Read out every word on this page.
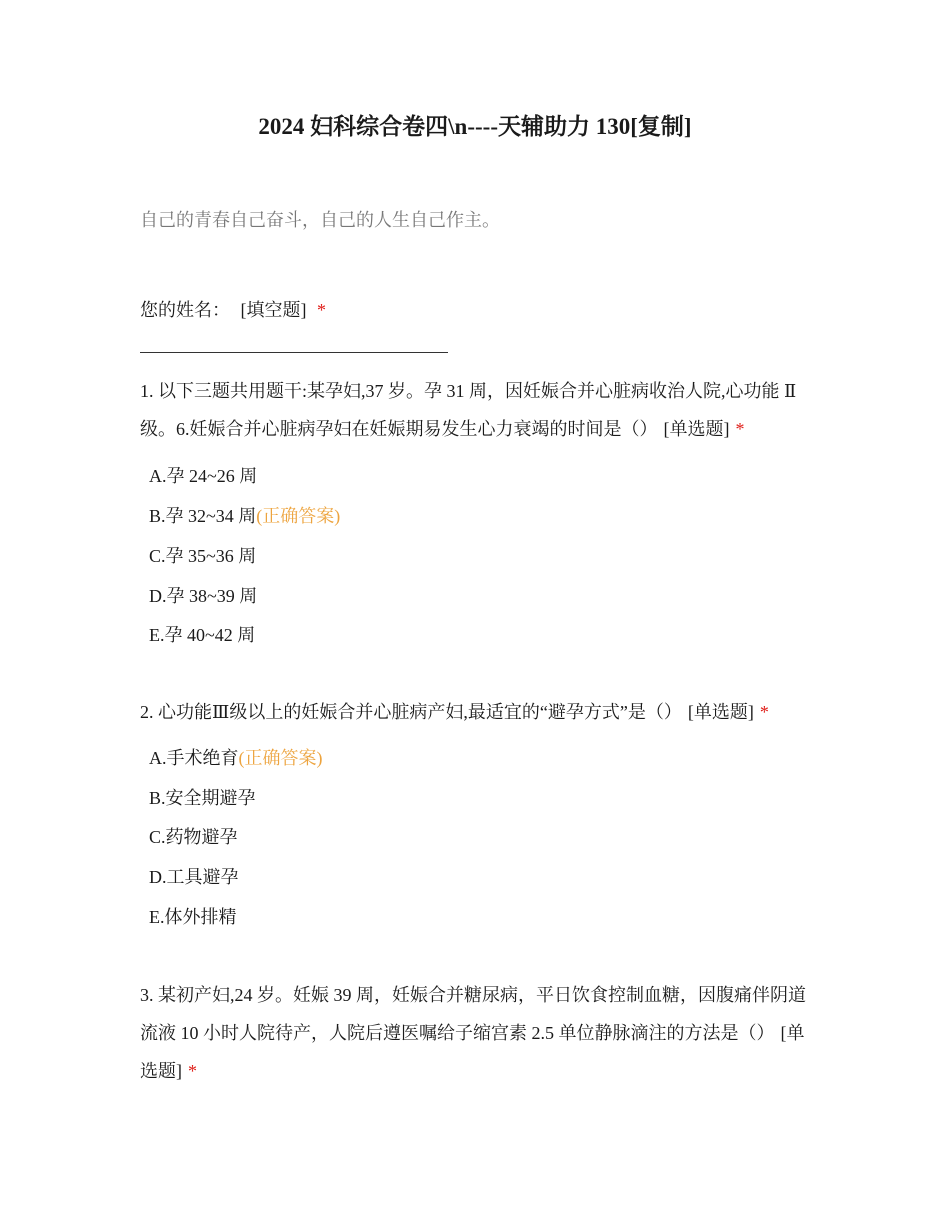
2024 妇科综合卷四\n----天辅助力 130[复制]
自己的青春自己奋斗，自己的人生自己作主。
您的姓名： [填空题] *
1. 以下三题共用题干:某孕妇,37 岁。孕 31 周，因妊娠合并心脏病收治人院,心功能 Ⅱ级。6.妊娠合并心脏病孕妇在妊娠期易发生心力衰竭的时间是（） [单选题] *
A.孕 24~26 周
B.孕 32~34 周(正确答案)
C.孕 35~36 周
D.孕 38~39 周
E.孕 40~42 周
2. 心功能Ⅲ级以上的妊娠合并心脏病产妇,最适宜的“避孕方式”是（） [单选题] *
A.手术绝育(正确答案)
B.安全期避孕
C.药物避孕
D.工具避孕
E.体外排精
3. 某初产妇,24 岁。妊娠 39 周，妊娠合并糖尿病，平日饮食控制血糖，因腹痛伴阴道流液 10 小时人院待产，人院后遵医嘱给子缩宫素 2.5 单位静脉滴注的方法是（） [单选题] *
